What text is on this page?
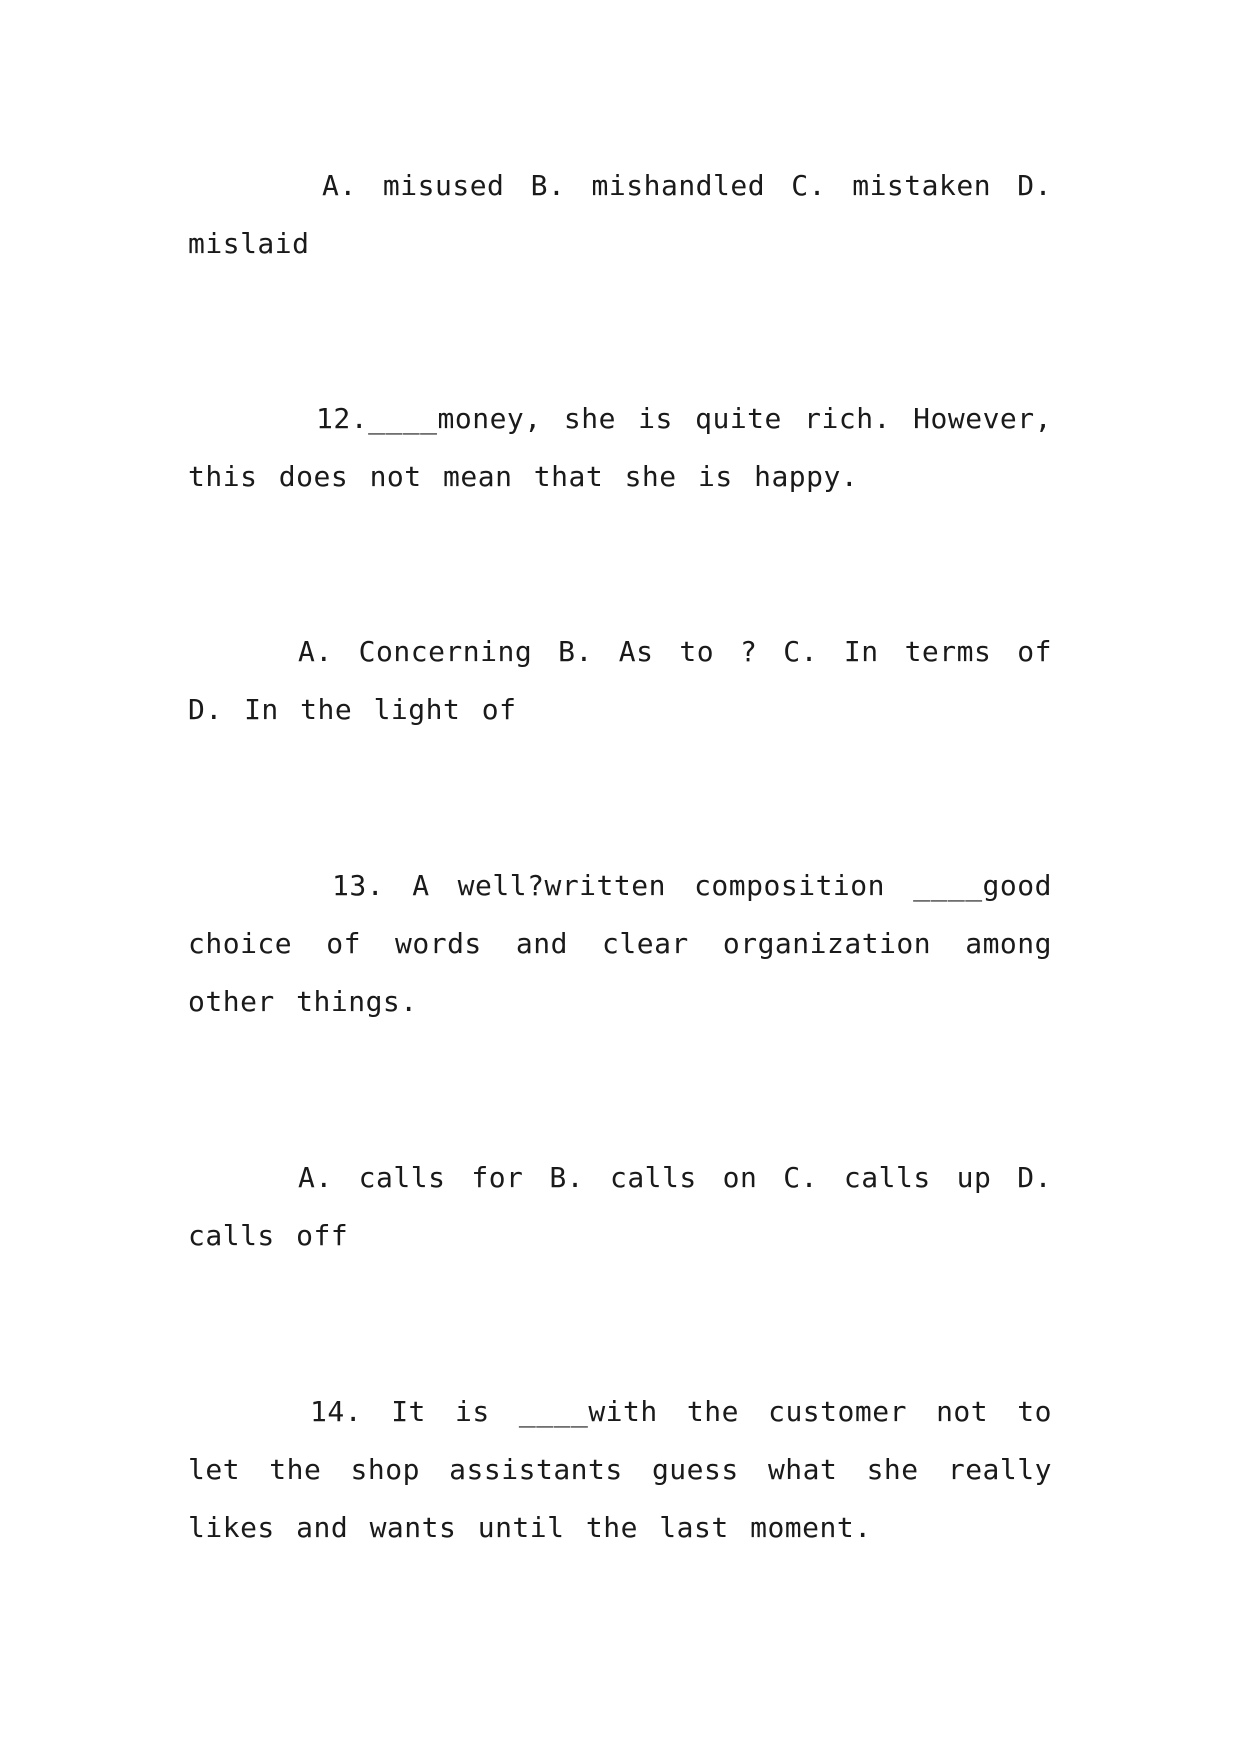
A. misused B. mishandled C. mistaken D. mislaid

12.____money, she is quite rich. However, this does not mean that she is happy.

A. Concerning B. As to ? C. In terms of D. In the light of

13. A well?written composition ____good choice of words and clear organization among other things.

A. calls for B. calls on C. calls up D. calls off

14. It is ____with the customer not to let the shop assistants guess what she really likes and wants until the last moment.
